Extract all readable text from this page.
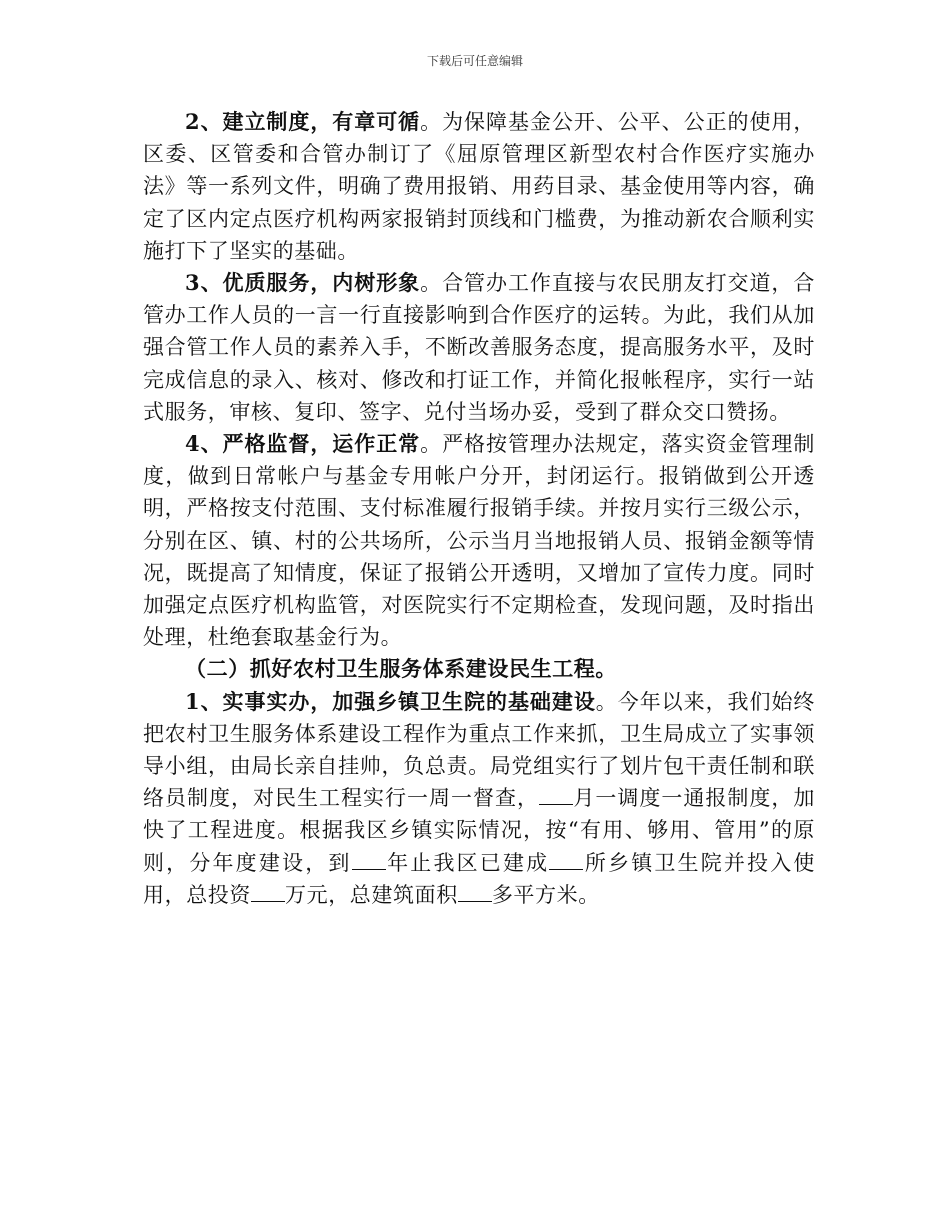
下载后可任意编辑

2、建立制度，有章可循。为保障基金公开、公平、公正的使用，区委、区管委和合管办制订了《屈原管理区新型农村合作医疗实施办法》等一系列文件，明确了费用报销、用药目录、基金使用等内容，确定了区内定点医疗机构两家报销封顶线和门槛费，为推动新农合顺利实施打下了坚实的基础。

3、优质服务，内树形象。合管办工作直接与农民朋友打交道，合管办工作人员的一言一行直接影响到合作医疗的运转。为此，我们从加强合管工作人员的素养入手，不断改善服务态度，提高服务水平，及时完成信息的录入、核对、修改和打证工作，并简化报帐程序，实行一站式服务，审核、复印、签字、兑付当场办妥，受到了群众交口赞扬。

4、严格监督，运作正常。严格按管理办法规定，落实资金管理制度，做到日常帐户与基金专用帐户分开，封闭运行。报销做到公开透明，严格按支付范围、支付标准履行报销手续。并按月实行三级公示，分别在区、镇、村的公共场所，公示当月当地报销人员、报销金额等情况，既提高了知情度，保证了报销公开透明，又增加了宣传力度。同时加强定点医疗机构监管，对医院实行不定期检查，发现问题，及时指出处理，杜绝套取基金行为。

（二）抓好农村卫生服务体系建设民生工程。

1、实事实办，加强乡镇卫生院的基础建设。今年以来，我们始终把农村卫生服务体系建设工程作为重点工作来抓，卫生局成立了实事领导小组，由局长亲自挂帅，负总责。局党组实行了划片包干责任制和联络员制度，对民生工程实行一周一督查， 月一调度一通报制度，加快了工程进度。根据我区乡镇实际情况，按“有用、够用、管用”的原则，分年度建设，到 年止我区已建成 所乡镇卫生院并投入使用，总投资 万元，总建筑面积 多平方米。
